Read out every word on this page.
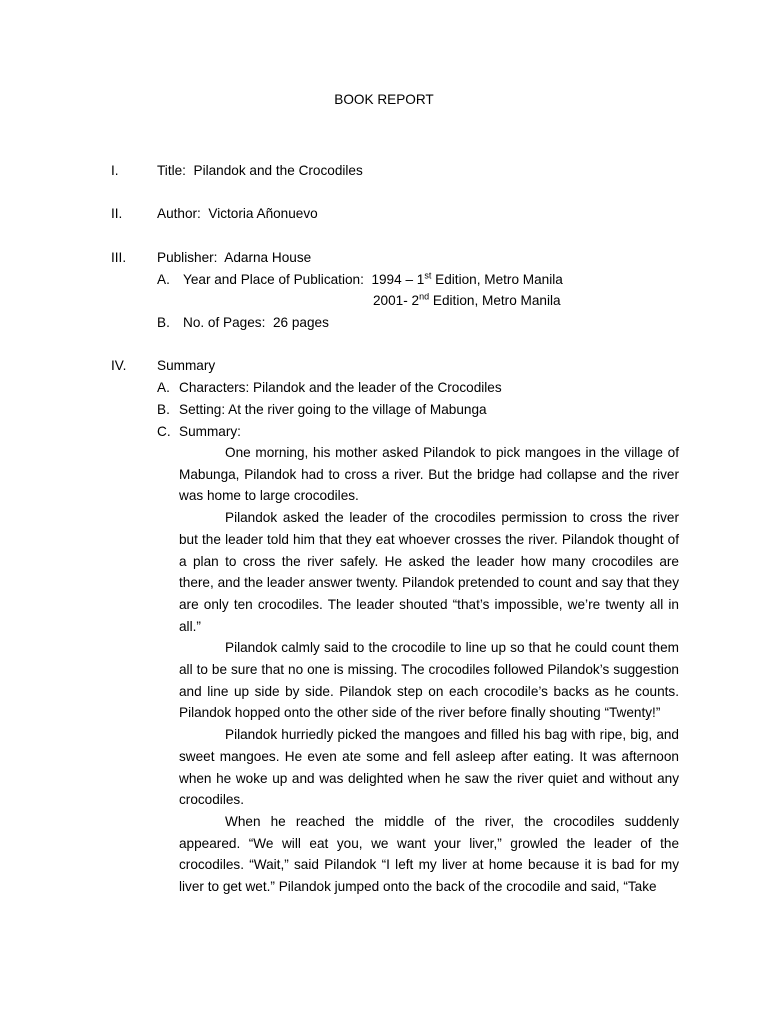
BOOK REPORT
I.	Title: Pilandok and the Crocodiles
II.	Author: Victoria Añonuevo
III. Publisher: Adarna House
A. Year and Place of Publication: 1994 – 1st Edition, Metro Manila
2001- 2nd Edition, Metro Manila
B. No. of Pages: 26 pages
IV. Summary
A. Characters: Pilandok and the leader of the Crocodiles
B. Setting: At the river going to the village of Mabunga
C. Summary:

One morning, his mother asked Pilandok to pick mangoes in the village of Mabunga, Pilandok had to cross a river. But the bridge had collapse and the river was home to large crocodiles.

Pilandok asked the leader of the crocodiles permission to cross the river but the leader told him that they eat whoever crosses the river. Pilandok thought of a plan to cross the river safely. He asked the leader how many crocodiles are there, and the leader answer twenty. Pilandok pretended to count and say that they are only ten crocodiles. The leader shouted “that’s impossible, we’re twenty all in all.”

Pilandok calmly said to the crocodile to line up so that he could count them all to be sure that no one is missing. The crocodiles followed Pilandok’s suggestion and line up side by side. Pilandok step on each crocodile’s backs as he counts. Pilandok hopped onto the other side of the river before finally shouting “Twenty!”

Pilandok hurriedly picked the mangoes and filled his bag with ripe, big, and sweet mangoes. He even ate some and fell asleep after eating. It was afternoon when he woke up and was delighted when he saw the river quiet and without any crocodiles.

When he reached the middle of the river, the crocodiles suddenly appeared. “We will eat you, we want your liver,” growled the leader of the crocodiles. “Wait,” said Pilandok “I left my liver at home because it is bad for my liver to get wet.” Pilandok jumped onto the back of the crocodile and said, “Take
